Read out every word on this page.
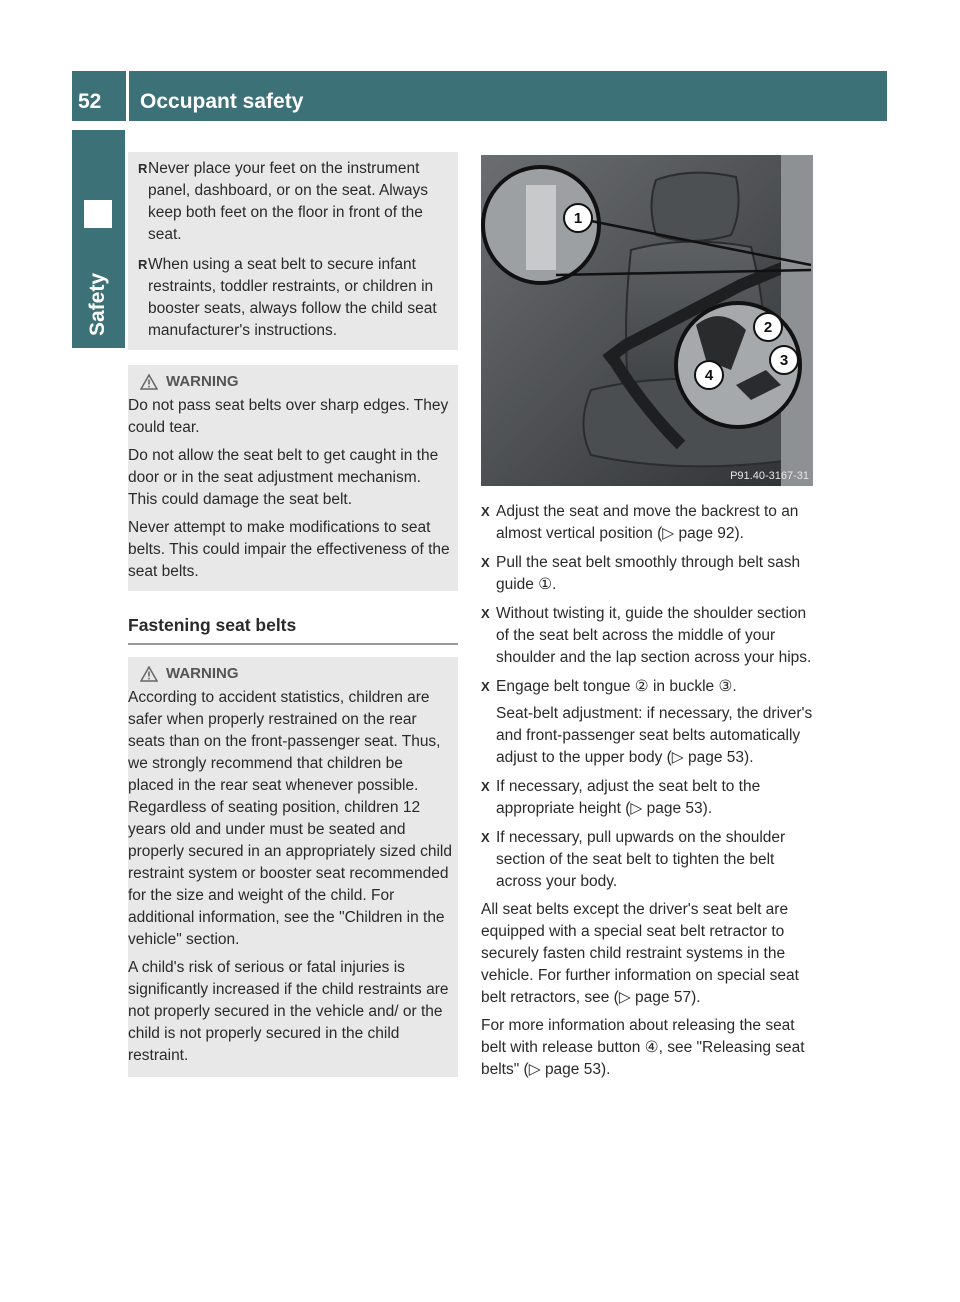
52 Occupant safety
Safety
R Never place your feet on the instrument panel, dashboard, or on the seat. Always keep both feet on the floor in front of the seat.
R When using a seat belt to secure infant restraints, toddler restraints, or children in booster seats, always follow the child seat manufacturer's instructions.
WARNING

Do not pass seat belts over sharp edges. They could tear.

Do not allow the seat belt to get caught in the door or in the seat adjustment mechanism. This could damage the seat belt.

Never attempt to make modifications to seat belts. This could impair the effectiveness of the seat belts.

Fastening seat belts
WARNING

According to accident statistics, children are safer when properly restrained on the rear seats than on the front-passenger seat. Thus, we strongly recommend that children be placed in the rear seat whenever possible. Regardless of seating position, children 12 years old and under must be seated and properly secured in an appropriately sized child restraint system or booster seat recommended for the size and weight of the child. For additional information, see the "Children in the vehicle" section.

A child's risk of serious or fatal injuries is significantly increased if the child restraints are not properly secured in the vehicle and/ or the child is not properly secured in the child restraint.

1
2
3
4
P91.40-3167-31
X Adjust the seat and move the backrest to an almost vertical position (▷ page 92).
X Pull the seat belt smoothly through belt sash guide ①.
X Without twisting it, guide the shoulder section of the seat belt across the middle of your shoulder and the lap section across your hips.
X Engage belt tongue ② in buckle ③.
Seat-belt adjustment: if necessary, the driver's and front-passenger seat belts automatically adjust to the upper body (▷ page 53).
X If necessary, adjust the seat belt to the appropriate height (▷ page 53).
X If necessary, pull upwards on the shoulder section of the seat belt to tighten the belt across your body.

All seat belts except the driver's seat belt are equipped with a special seat belt retractor to securely fasten child restraint systems in the vehicle. For further information on special seat belt retractors, see (▷ page 57).

For more information about releasing the seat belt with release button ④, see "Releasing seat belts" (▷ page 53).
